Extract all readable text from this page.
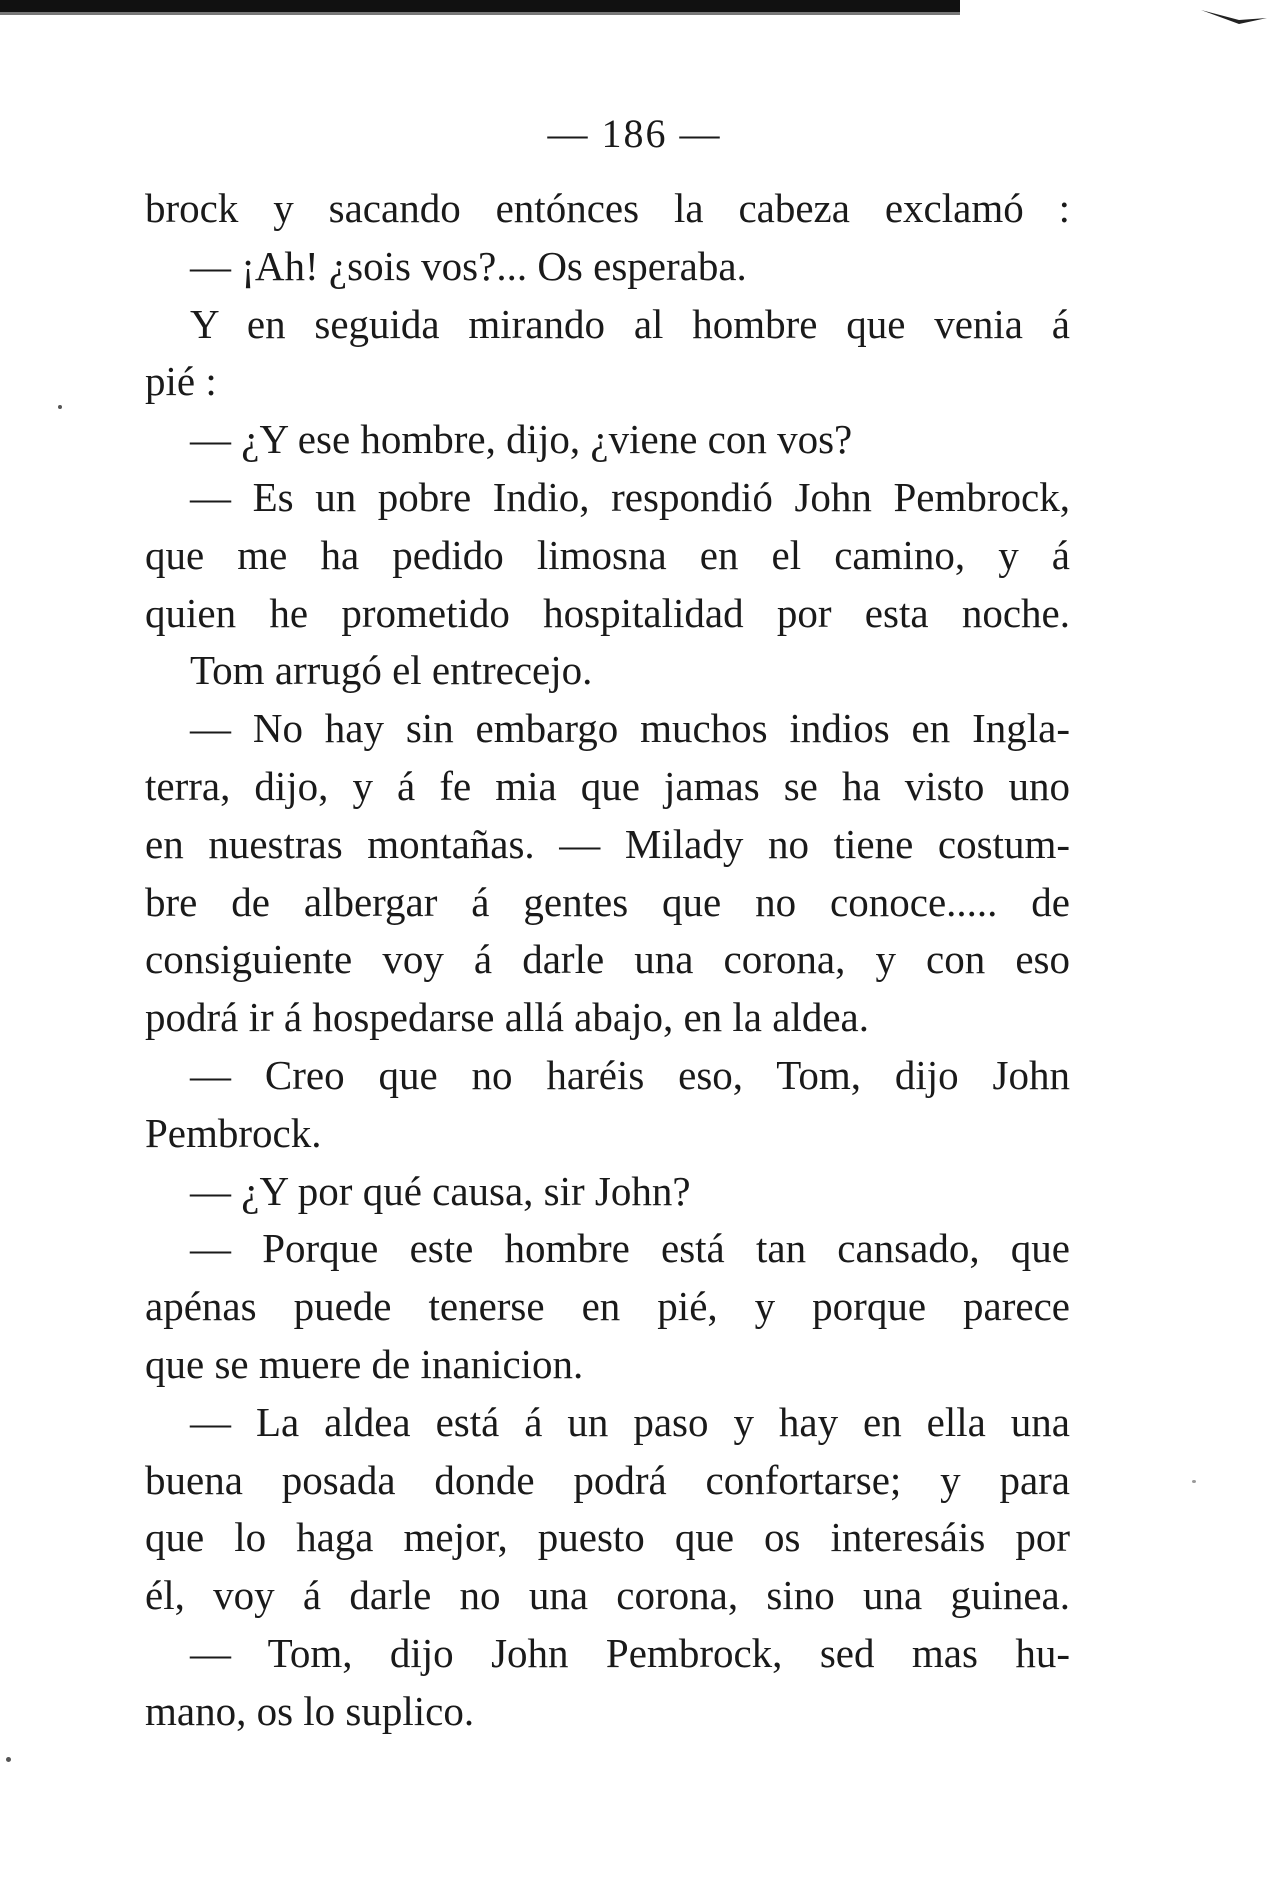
— 186 —
brock y sacando entónces la cabeza exclamó :
— ¡Ah! ¿sois vos?... Os esperaba.
Y en seguida mirando al hombre que venia á
pié :
— ¿Y ese hombre, dijo, ¿viene con vos?
— Es un pobre Indio, respondió John Pembrock,
que me ha pedido limosna en el camino, y á
quien he prometido hospitalidad por esta noche.
Tom arrugó el entrecejo.
— No hay sin embargo muchos indios en Ingla-
terra, dijo, y á fe mia que jamas se ha visto uno
en nuestras montañas. — Milady no tiene costum-
bre de albergar á gentes que no conoce..... de
consiguiente voy á darle una corona, y con eso
podrá ir á hospedarse allá abajo, en la aldea.
— Creo que no haréis eso, Tom, dijo John
Pembrock.
— ¿Y por qué causa, sir John?
— Porque este hombre está tan cansado, que
apénas puede tenerse en pié, y porque parece
que se muere de inanicion.
— La aldea está á un paso y hay en ella una
buena posada donde podrá confortarse; y para
que lo haga mejor, puesto que os interesáis por
él, voy á darle no una corona, sino una guinea.
— Tom, dijo John Pembrock, sed mas hu-
mano, os lo suplico.
